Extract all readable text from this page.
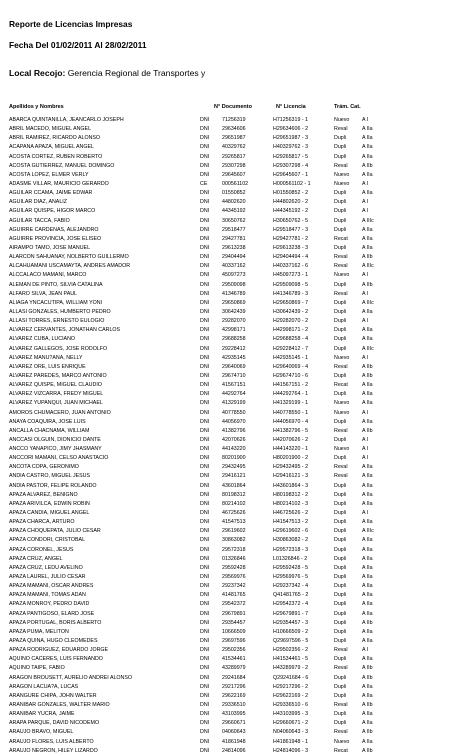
Reporte de Licencias Impresas
Fecha Del 01/02/2011 Al 28/02/2011
Local Recojo: Gerencia Regional de Transportes y
Apellidos y Nombres	N° Documento	N° Licencia	Trám. Cat.
ABARCA QUINTANILLA, JEANCARLO JOSEPH	DNI 71256319	H71256319 - 1	Nuevo A I
ABRIL MACEDO, MIGUEL ANGEL	DNI 29634606	H29634606 - 2	Reval	A IIa
ABRIL RAMIREZ, RICARDO ALONSO	DNI 29651987	H29651987 - 3	Dupli	A IIa
ACAPANA APAZA, MIGUEL ANGEL	DNI 40329762	H40329762 - 3	Dupli	A IIa
ACOSTA CORTEZ, RUBEN ROBERTO	DNI 29265817	H29265817 - 5	Dupli	A IIa
ACOSTA GUTIERREZ, MANUEL DOMINGO	DNI 29307298	H29307298 - 4	Reval	A IIb
ACOSTA LOPEZ, ELMER VERLY	DNI 29645607	H29645607 - 1	Nuevo A IIa
ADASME VILLAR, MAURICIO GERARDO	CE	000561102	H000561102 - 1	Nuevo A I
AGUILAR CCAMA, JAIME EDWAR	DNI 01550852	H01550852 - 2	Dupli	A IIa
AGUILAR DIAZ, ANALIZ	DNI 44802620	H44802620 - 2	Dupli	A I
AGUILAR QUISPE, HIGOR MARCO	DNI 44345192	H44345192 - 2	Dupli	A I
AGUILAR TACCA, FABIO	DNI 30650762	H30650762 - 5	Dupli	A IIIc
AGUIRRE CARDENAS, ALEJANDRO	DNI 29518477	H29518477 - 3	Dupli	A IIa
AGUIRRE PROVINCIA, JOSE ELISEO	DNI 29427781	H29427781 - 2	Recat	A IIa
AIRAMPO TAMO, JOSE MANUEL	DNI 29613238	H29613238 - 3	Dupli	A IIa
ALARCON SAHUANAY, NOLBERTO GUILLERMO	DNI 29404494	H29404494 - 4	Reval	A IIb
ALCAHUAMANI USCAMAYTA, ANDRES AMADOR	DNI 40337162	H40337162 - 6	Reval	A IIIc
ALCCALACO MAMANI, MARCO	DNI 45097273	H45097273 - 1	Nuevo A I
ALEMAN DE PINTO, SILVIA CATALINA	DNI 29509098	H29509098 - 5	Dupli	A IIb
ALFARO SILVA, JEAN PAUL	DNI 41346789	H41346789 - 3	Reval	A I
ALIAGA YNCACUTIPA, WILLIAM YONI	DNI 29650869	H29650869 - 7	Dupli	A IIIc
ALLASI GONZALES, HUMBERTO PEDRO	DNI 30642439	H30642439 - 2	Dupli	A IIa
ALLASI TORRES, ERNESTO EULOGIO	DNI 29282070	H29282070 - 2	Dupli	A I
ALVAREZ CERVANTES, JONATHAN CARLOS	DNI 42998171	H42998171 - 2	Dupli	A IIa
ALVAREZ CUBA, LUCIANO	DNI 29688258	H29688258 - 4	Dupli	A IIa
ALVAREZ GALLEGOS, JOSE RODOLFO	DNI 29228412	H29228412 - 7	Dupli	A IIIc
ALVAREZ MANU?ANA, NELLY	DNI 42935145	H42935145 - 1	Nuevo A I
ALVAREZ ORE, LUIS ENRIQUE	DNI 29640069	H29640069 - 4	Reval	A IIb
ALVAREZ PAREDES, MARCO ANTONIO	DNI 29674710	H29674710 - 6	Dupli	A IIb
ALVAREZ QUISPE, MIGUEL CLAUDIO	DNI 41567151	H41567151 - 2	Recat	A IIa
ALVAREZ VIZCARRA, FREDY MIGUEL	DNI 44292764	H44292764 - 1	Dupli	A IIa
ALVAREZ YUPANQUI, JUAN MICHAEL	DNI 41329199	H41329199 - 1	Nuevo A IIa
AMOROS CHUMACERO, JUAN ANTONIO	DNI 40778550	H40778550 - 1	Nuevo A I
ANAYA COAQUIRA, JOSE LUIS	DNI 44056970	H44056970 - 4	Dupli	A IIa
ANCALLA CHACNAMA, WILLIAM	DNI 41382796	H41382796 - 5	Reval	A IIb
ANCCASI OLGUIN, DIONICIO DANTE	DNI 42070626	H42070626 - 2	Dupli	A I
ANCCO YANAPICO, JIMY JHASMANY	DNI 44143220	H44143220 - 1	Nuevo A I
ANCCORI MAMANI, CELSO ANASTACIO	DNI 80201900	H80201900 - 2	Dupli	A I
ANCOTA COPA, GERONIMO	DNI 29432495	H29432495 - 2	Reval	A IIa
ANDIA CASTRO, MIGUEL JESUS	DNI 29416121	H29416121 - 3	Reval	A IIa
ANDIA PASTOR, FELIPE ROLANDO	DNI 43601864	H43601864 - 3	Dupli	A IIa
APAZA ALVAREZ, BENIGNO	DNI 80198312	H80198312 - 2	Dupli	A IIa
APAZA ARIVILCA, EDWIN ROBIN	DNI 80214102	H80214102 - 3	Dupli	A IIa
APAZA CANDIA, MIGUEL ANGEL	DNI 46725626	H46725626 - 2	Dupli	A I
APAZA CHARCA, ARTURO	DNI 41547513	H41547513 - 2	Dupli	A IIa
APAZA CHOQUEPATA, JULIO CESAR	DNI 29619602	H29619602 - 6	Dupli	A IIIc
APAZA CONDORI, CRISTOBAL	DNI 30863082	H30863082 - 2	Dupli	A IIa
APAZA CORONEL, JESUS	DNI 29572318	H29572318 - 3	Dupli	A IIa
APAZA CRUZ, ANGEL	DNI 01326846	L01326846 - 2	Dupli	A IIa
APAZA CRUZ, LEDU AVELINO	DNI 29592428	H29592428 - 5	Dupli	A IIa
APAZA LAUREL, JULIO CESAR	DNI 29569976	H29569976 - 5	Dupli	A IIa
APAZA MAMANI, OSCAR ANDRES	DNI 29237342	H29237342 - 4	Dupli	A IIa
APAZA MAMANI, TOMAS ADAN	DNI 41481765	Q41481765 - 2	Dupli	A IIa
APAZA MONROY, PEDRO DAVID	DNI 29542372	H29542372 - 4	Dupli	A IIa
APAZA PANTIGOSO, ELARD JOSE	DNI 29679891	H29679891 - 7	Dupli	A IIa
APAZA PORTUGAL, BORIS ALBERTO	DNI 29354457	H29354457 - 3	Dupli	A IIb
APAZA PUMA, MELITON	DNI 10666509	H10666509 - 2	Dupli	A IIa
APAZA QUINA, HUGO CLEOMEDES	DNI 29697596	Q29697596 - 5	Dupli	A IIa
APAZA RODRIGUEZ, EDUARDO JORGE	DNI 29502356	H29502356 - 2	Reval	A I
AQUINO CACERES, LUIS FERNANDO	DNI 41534461	H41534461 - 5	Dupli	A IIa
AQUINO TAIPE, FABIO	DNI 43289979	H43289979 - 2	Reval	A IIb
ARAGON BROUSETT, AURELIO ANDREI ALONSO	DNI 29241684	Q29241684 - 6	Dupli	A IIb
ARAGON LACUA?A, LUCAS	DNI 29217296	H29217296 - 2	Dupli	A IIa
ARANGURE CHIPA, JOHN WALTER	DNI 29622169	H29622169 - 2	Dupli	A IIa
ARANIBAR GONZALES, WALTER MARIO	DNI 29336510	H29336510 - 6	Reval	A IIb
ARANIBAR YUCRA, JAIME	DNI 43103995	H43103995 - 3	Dupli	A IIa
ARAPA PARQUE, DAVID NICODEMO	DNI 29660671	H29660671 - 2	Dupli	A IIa
ARAUJO BRAVO, MIGUEL	DNI 04060643	N04060643 - 3	Reval	A IIb
ARAUJO FLORES, LUIS ALBERTO	DNI 41861948	H41861948 - 1	Nuevo A IIa
ARAUJO NEGRON, HILEY LIZARDO	DNI 24814096	H24814096 - 3	Recat	A IIb
